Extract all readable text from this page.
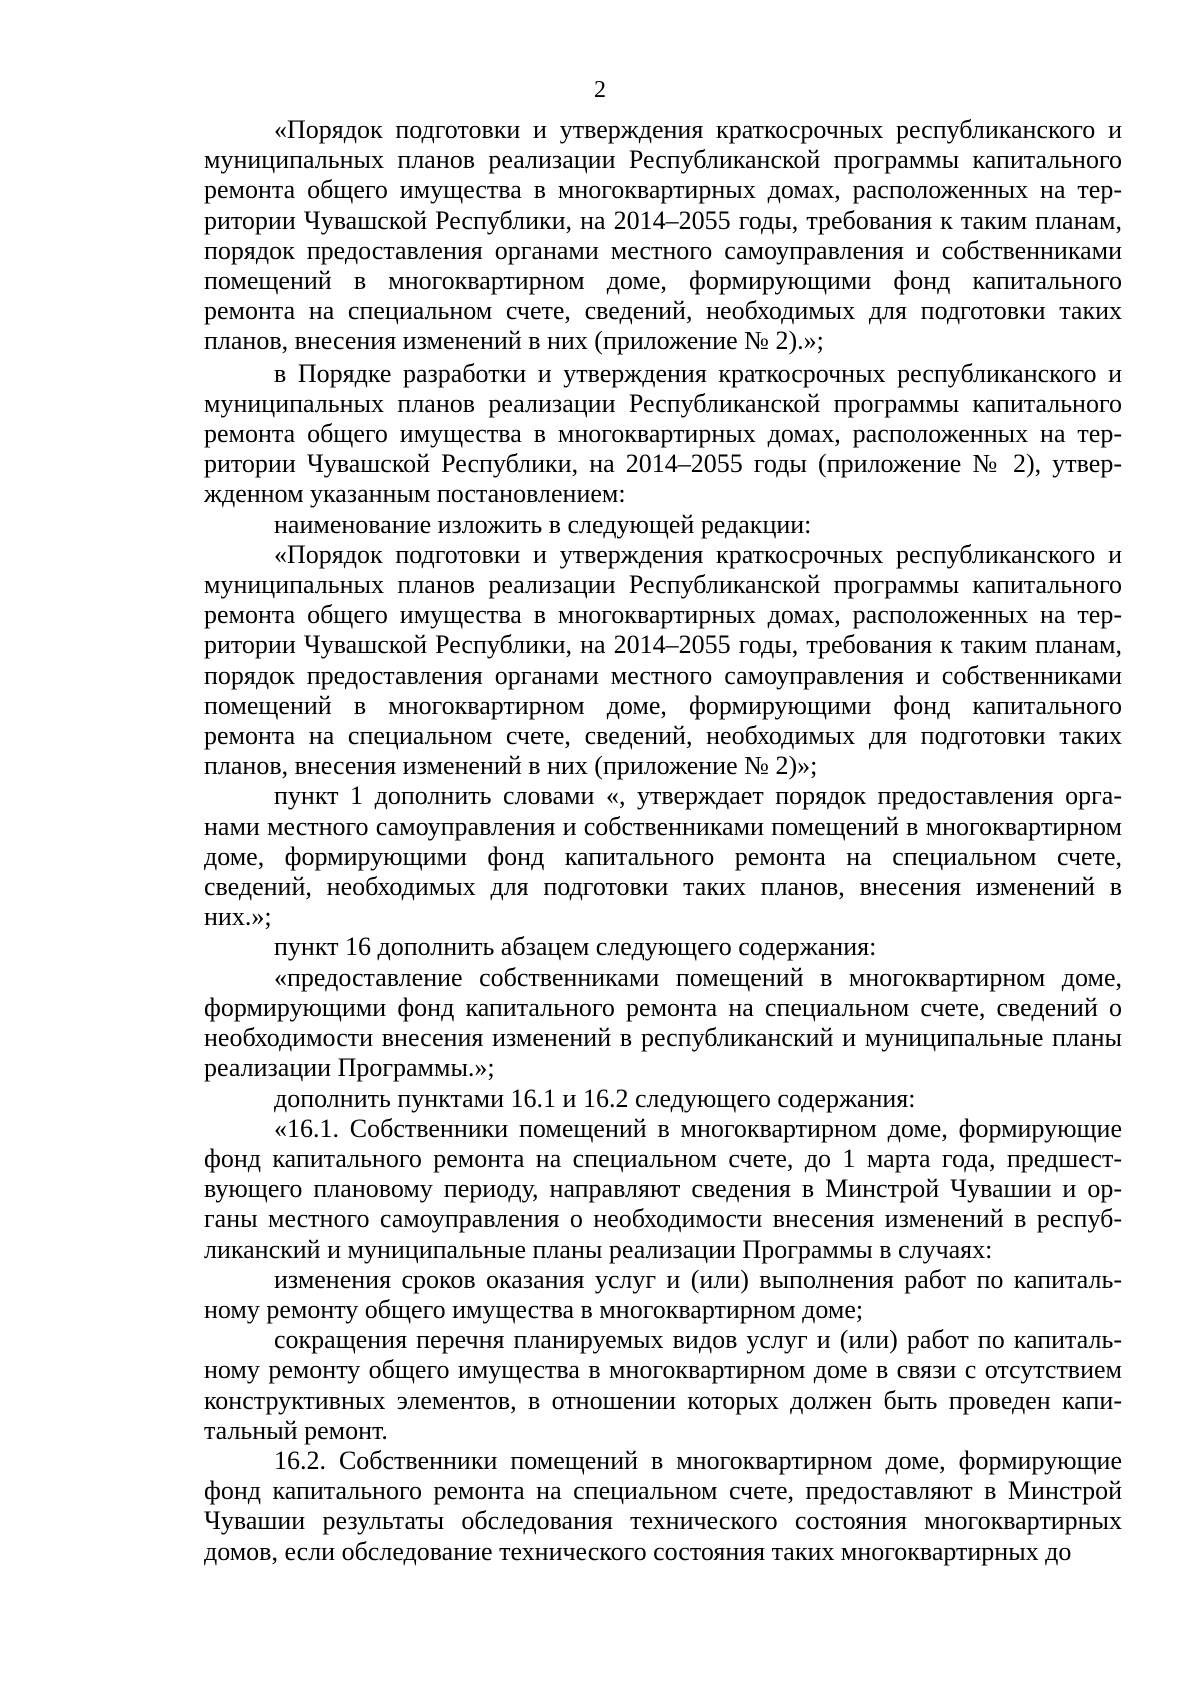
2

«Порядок подготовки и утверждения краткосрочных республиканского и муниципальных планов реализации Республиканской программы капитального ремонта общего имущества в многоквартирных домах, расположенных на территории Чувашской Республики, на 2014–2055 годы, требования к таким планам, порядок предоставления органами местного самоуправления и собственниками помещений в многоквартирном доме, формирующими фонд капитального ремонта на специальном счете, сведений, необходимых для подготовки таких планов, внесения изменений в них (приложение № 2).»;

в Порядке разработки и утверждения краткосрочных республиканского и муниципальных планов реализации Республиканской программы капитального ремонта общего имущества в многоквартирных домах, расположенных на территории Чувашской Республики, на 2014–2055 годы (приложение № 2), утвержденном указанным постановлением:

наименование изложить в следующей редакции:

«Порядок подготовки и утверждения краткосрочных республиканского и муниципальных планов реализации Республиканской программы капитального ремонта общего имущества в многоквартирных домах, расположенных на территории Чувашской Республики, на 2014–2055 годы, требования к таким планам, порядок предоставления органами местного самоуправления и собственниками помещений в многоквартирном доме, формирующими фонд капитального ремонта на специальном счете, сведений, необходимых для подготовки таких планов, внесения изменений в них (приложение № 2)»;

пункт 1 дополнить словами «, утверждает порядок предоставления органами местного самоуправления и собственниками помещений в многоквартирном доме, формирующими фонд капитального ремонта на специальном счете, сведений, необходимых для подготовки таких планов, внесения изменений в них.»;

пункт 16 дополнить абзацем следующего содержания:

«предоставление собственниками помещений в многоквартирном доме, формирующими фонд капитального ремонта на специальном счете, сведений о необходимости внесения изменений в республиканский и муниципальные планы реализации Программы.»;

дополнить пунктами 16.1 и 16.2 следующего содержания:

«16.1. Собственники помещений в многоквартирном доме, формирующие фонд капитального ремонта на специальном счете, до 1 марта года, предшествующего плановому периоду, направляют сведения в Минстрой Чувашии и органы местного самоуправления о необходимости внесения изменений в республиканский и муниципальные планы реализации Программы в случаях:

изменения сроков оказания услуг и (или) выполнения работ по капитальному ремонту общего имущества в многоквартирном доме;

сокращения перечня планируемых видов услуг и (или) работ по капитальному ремонту общего имущества в многоквартирном доме в связи с отсутствием конструктивных элементов, в отношении которых должен быть проведен капитальный ремонт.

16.2. Собственники помещений в многоквартирном доме, формирующие фонд капитального ремонта на специальном счете, предоставляют в Минстрой Чувашии результаты обследования технического состояния многоквартирных домов, если обследование технического состояния таких многоквартирных до
